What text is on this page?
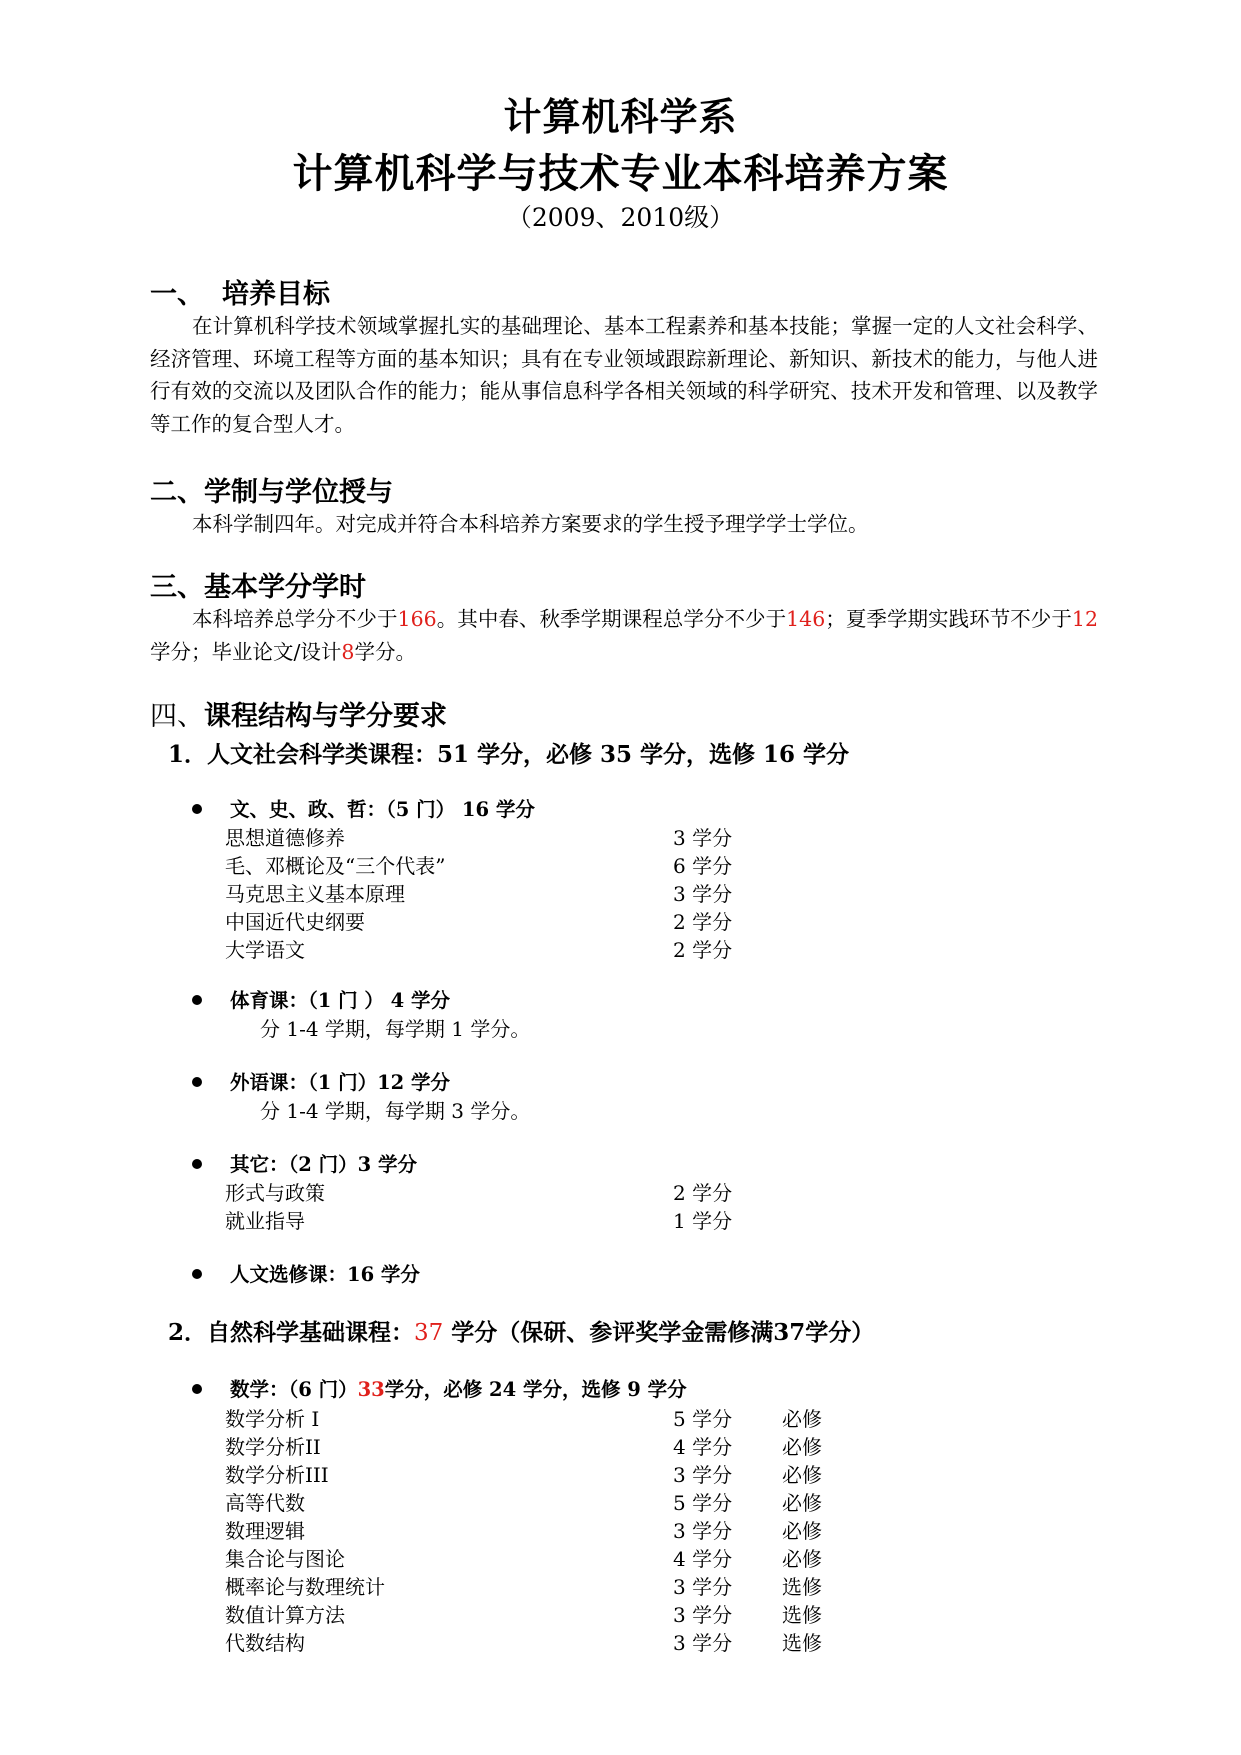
计算机科学系
计算机科学与技术专业本科培养方案
（2009、2010级）
一、 培养目标
在计算机科学技术领域掌握扎实的基础理论、基本工程素养和基本技能；掌握一定的人文社会科学、经济管理、环境工程等方面的基本知识；具有在专业领域跟踪新理论、新知识、新技术的能力，与他人进行有效的交流以及团队合作的能力；能从事信息科学各相关领域的科学研究、技术开发和管理、以及教学等工作的复合型人才。
二、学制与学位授与
本科学制四年。对完成并符合本科培养方案要求的学生授予理学学士学位。
三、基本学分学时
本科培养总学分不少于166。其中春、秋季学期课程总学分不少于146；夏季学期实践环节不少于12学分；毕业论文/设计8学分。
四、课程结构与学分要求
1．人文社会科学类课程：51 学分，必修 35 学分，选修 16 学分
文、史、政、哲：（5 门） 16 学分
思想道德修养	3 学分
毛、邓概论及“三个代表”	6 学分
马克思主义基本原理	3 学分
中国近代史纲要	2 学分
大学语文	2 学分
体育课：（1 门 ） 4 学分
分 1-4 学期，每学期 1 学分。
外语课：（1 门）12 学分
分 1-4 学期，每学期 3 学分。
其它：（2 门）3 学分
形式与政策	2 学分
就业指导	1 学分
人文选修课：16 学分
2．自然科学基础课程：37 学分（保研、参评奖学金需修满37学分）
数学：（6 门）33学分，必修 24 学分，选修 9 学分
数学分析 I	5 学分 必修
数学分析II	4 学分 必修
数学分析III	3 学分 必修
高等代数	5 学分 必修
数理逻辑	3 学分 必修
集合论与图论	4 学分 必修
概率论与数理统计	3 学分 选修
数值计算方法	3 学分 选修
代数结构	3 学分 选修
